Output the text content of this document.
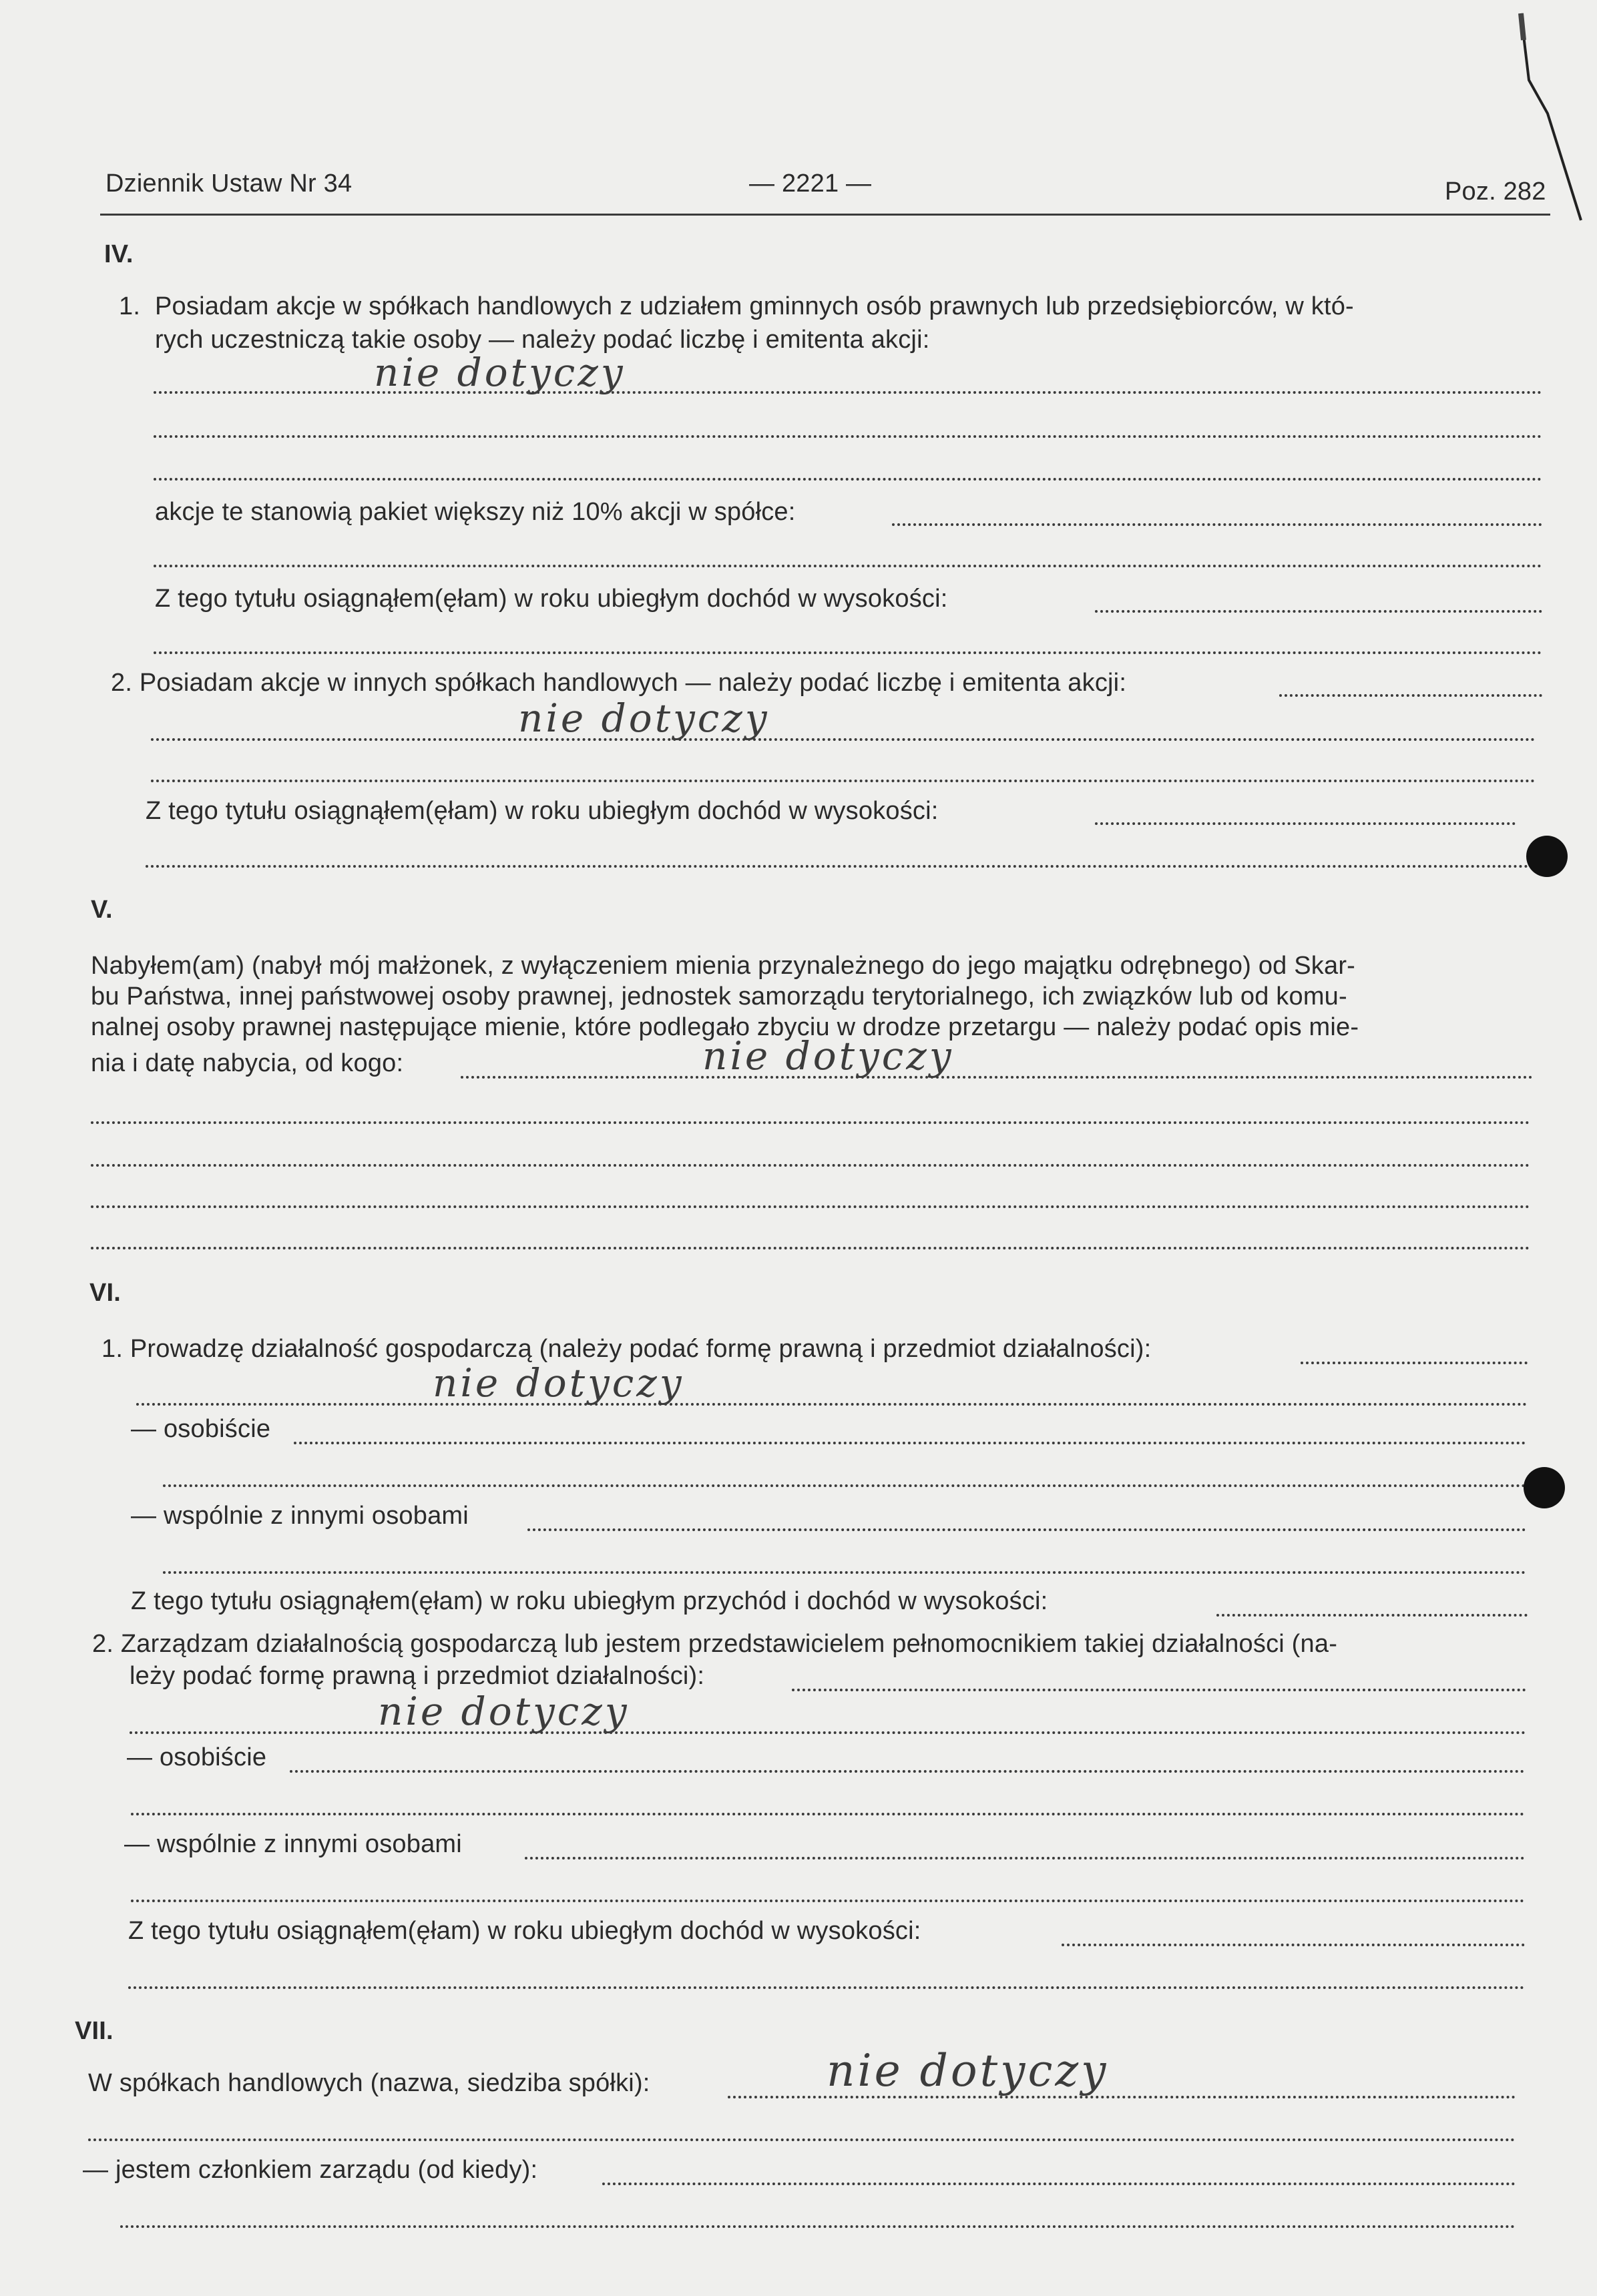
Dziennik Ustaw Nr 34	— 2221 —	Poz. 282
IV.
1. Posiadam akcje w spółkach handlowych z udziałem gminnych osób prawnych lub przedsiębiorców, w któ-
rych uczestniczą takie osoby — należy podać liczbę i emitenta akcji:
nie dotyczy
akcje te stanowią pakiet większy niż 10% akcji w spółce:
Z tego tytułu osiągnąłem(ęłam) w roku ubiegłym dochód w wysokości:
2. Posiadam akcje w innych spółkach handlowych — należy podać liczbę i emitenta akcji:
nie dotyczy
Z tego tytułu osiągnąłem(ęłam) w roku ubiegłym dochód w wysokości:
V.
Nabyłem(am) (nabył mój małżonek, z wyłączeniem mienia przynależnego do jego majątku odrębnego) od Skar-
bu Państwa, innej państwowej osoby prawnej, jednostek samorządu terytorialnego, ich związków lub od komu-
nalnej osoby prawnej następujące mienie, które podlegało zbyciu w drodze przetargu — należy podać opis mie-
nia i datę nabycia, od kogo:	nie dotyczy
VI.
1. Prowadzę działalność gospodarczą (należy podać formę prawną i przedmiot działalności):
nie dotyczy
— osobiście
— wspólnie z innymi osobami
Z tego tytułu osiągnąłem(ęłam) w roku ubiegłym przychód i dochód w wysokości:
2. Zarządzam działalnością gospodarczą lub jestem przedstawicielem pełnomocnikiem takiej działalności (na-
leży podać formę prawną i przedmiot działalności):
nie dotyczy
— osobiście
— wspólnie z innymi osobami
Z tego tytułu osiągnąłem(ęłam) w roku ubiegłym dochód w wysokości:
VII.
W spółkach handlowych (nazwa, siedziba spółki):	nie dotyczy
— jestem członkiem zarządu (od kiedy):
